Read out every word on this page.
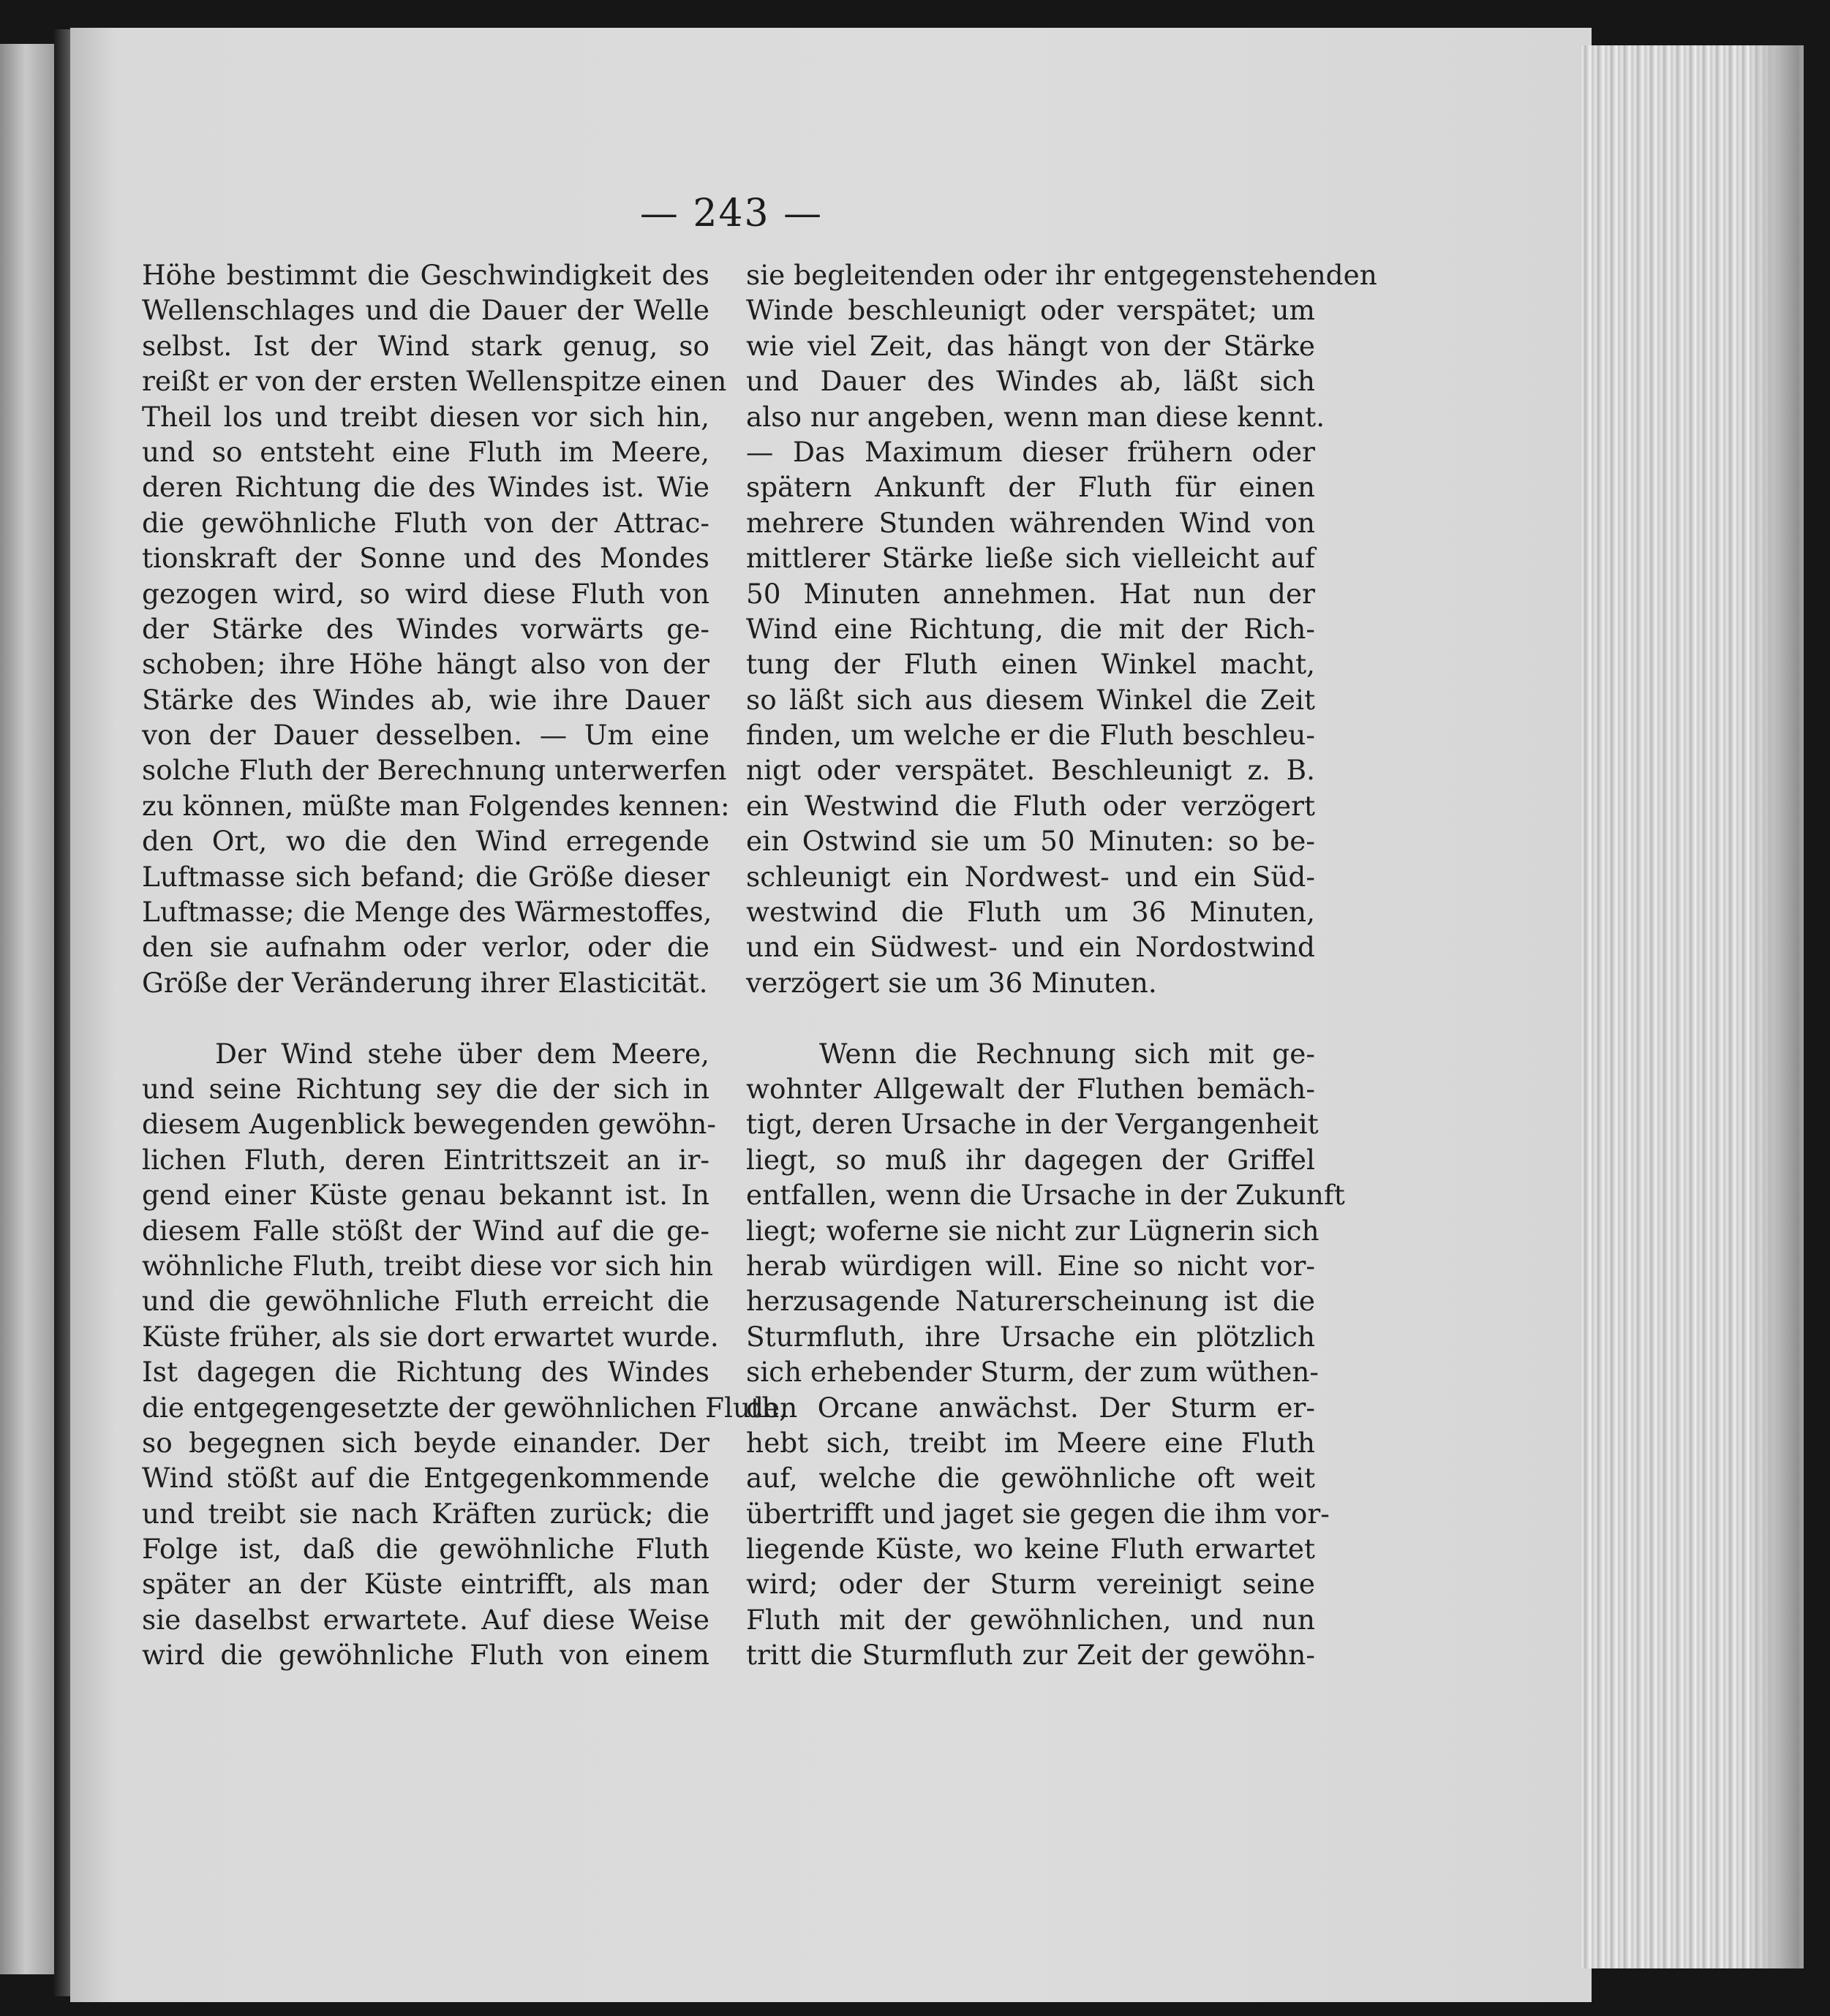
— 243 —
Höhe bestimmt die Geschwindigkeit des
Wellenschlages und die Dauer der Welle
selbst. Ist der Wind stark genug, so
reißt er von der ersten Wellenspitze einen
Theil los und treibt diesen vor sich hin,
und so entsteht eine Fluth im Meere,
deren Richtung die des Windes ist. Wie
die gewöhnliche Fluth von der Attrac-
tionskraft der Sonne und des Mondes
gezogen wird, so wird diese Fluth von
der Stärke des Windes vorwärts ge-
schoben; ihre Höhe hängt also von der
Stärke des Windes ab, wie ihre Dauer
von der Dauer desselben. — Um eine
solche Fluth der Berechnung unterwerfen
zu können, müßte man Folgendes kennen:
den Ort, wo die den Wind erregende
Luftmasse sich befand; die Größe dieser
Luftmasse; die Menge des Wärmestoffes,
den sie aufnahm oder verlor, oder die
Größe der Veränderung ihrer Elasticität.
Der Wind stehe über dem Meere,
und seine Richtung sey die der sich in
diesem Augenblick bewegenden gewöhn-
lichen Fluth, deren Eintrittszeit an ir-
gend einer Küste genau bekannt ist. In
diesem Falle stößt der Wind auf die ge-
wöhnliche Fluth, treibt diese vor sich hin
und die gewöhnliche Fluth erreicht die
Küste früher, als sie dort erwartet wurde.
Ist dagegen die Richtung des Windes
die entgegengesetzte der gewöhnlichen Fluth,
so begegnen sich beyde einander. Der
Wind stößt auf die Entgegenkommende
und treibt sie nach Kräften zurück; die
Folge ist, daß die gewöhnliche Fluth
später an der Küste eintrifft, als man
sie daselbst erwartete. Auf diese Weise
wird die gewöhnliche Fluth von einem
sie begleitenden oder ihr entgegenstehenden
Winde beschleunigt oder verspätet; um
wie viel Zeit, das hängt von der Stärke
und Dauer des Windes ab, läßt sich
also nur angeben, wenn man diese kennt.
— Das Maximum dieser frühern oder
spätern Ankunft der Fluth für einen
mehrere Stunden währenden Wind von
mittlerer Stärke ließe sich vielleicht auf
50 Minuten annehmen. Hat nun der
Wind eine Richtung, die mit der Rich-
tung der Fluth einen Winkel macht,
so läßt sich aus diesem Winkel die Zeit
finden, um welche er die Fluth beschleu-
nigt oder verspätet. Beschleunigt z. B.
ein Westwind die Fluth oder verzögert
ein Ostwind sie um 50 Minuten: so be-
schleunigt ein Nordwest- und ein Süd-
westwind die Fluth um 36 Minuten,
und ein Südwest- und ein Nordostwind
verzögert sie um 36 Minuten.
Wenn die Rechnung sich mit ge-
wohnter Allgewalt der Fluthen bemäch-
tigt, deren Ursache in der Vergangenheit
liegt, so muß ihr dagegen der Griffel
entfallen, wenn die Ursache in der Zukunft
liegt; woferne sie nicht zur Lügnerin sich
herab würdigen will. Eine so nicht vor-
herzusagende Naturerscheinung ist die
Sturmfluth, ihre Ursache ein plötzlich
sich erhebender Sturm, der zum wüthen-
den Orcane anwächst. Der Sturm er-
hebt sich, treibt im Meere eine Fluth
auf, welche die gewöhnliche oft weit
übertrifft und jaget sie gegen die ihm vor-
liegende Küste, wo keine Fluth erwartet
wird; oder der Sturm vereinigt seine
Fluth mit der gewöhnlichen, und nun
tritt die Sturmfluth zur Zeit der gewöhn-
